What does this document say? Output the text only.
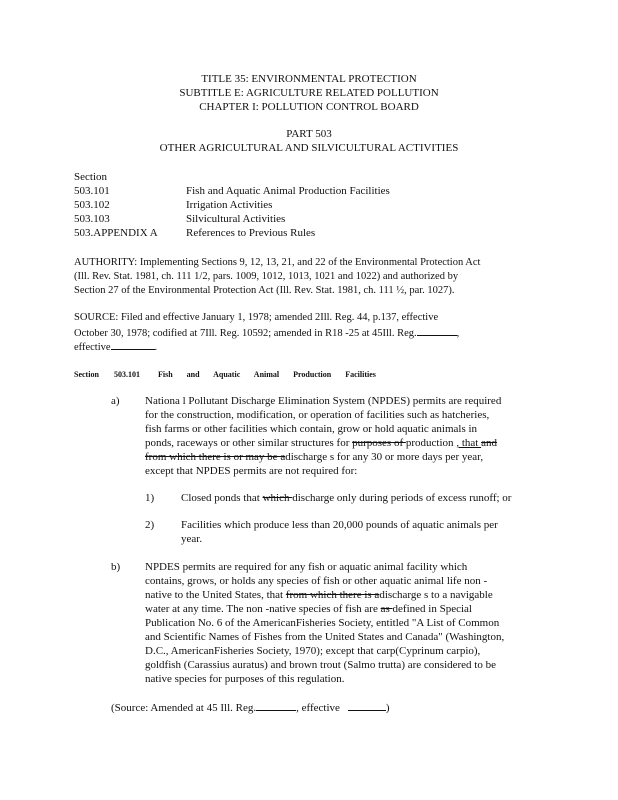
TITLE 35: ENVIRONMENTAL PROTECTION
SUBTITLE E: AGRICULTURE RELATED POLLUTION
CHAPTER I: POLLUTION CONTROL BOARD
PART 503
OTHER AGRICULTURAL AND SILVICULTURAL ACTIVITIES
Section
503.101	Fish and Aquatic Animal Production Facilities
503.102	Irrigation Activities
503.103	Silvicultural Activities
503.APPENDIX A	References to Previous Rules
AUTHORITY: Implementing Sections 9, 12, 13, 21, and 22 of the Environmental Protection Act
(Ill. Rev. Stat. 1981, ch. 111 1/2, pars. 1009, 1012, 1013, 1021 and 1022) and authorized by
Section 27 of the Environmental Protection Act (Ill. Rev. Stat. 1981, ch. 111 ½, par. 1027).
SOURCE: Filed and effective January 1, 1978; amended 2Ill. Reg. 44, p.137, effective
October 30, 1978; codified at 7Ill. Reg. 10592; amended in R18 -25 at 45Ill. Reg.	,
effective	.
Section 503.101 Fish and Aquatic Animal Production Facilities
a) Nationa l Pollutant Discharge Elimination System (NPDES) permits are required
for the construction, modification, or operation of facilities such as hatcheries,
fish farms or other facilities which contain, grow or hold aquatic animals in
ponds, raceways or other similar structures for purposes of production , that and
from which there is or may be adischarge s for any 30 or more days per year,
except that NPDES permits are not required for:
1) Closed ponds that which discharge only during periods of excess runoff; or
2) Facilities which produce less than 20,000 pounds of aquatic animals per
year.
b) NPDES permits are required for any fish or aquatic animal facility which
contains, grows, or holds any species of fish or other aquatic animal life non -
native to the United States, that from which there is adischarge s to a navigable
water at any time. The non -native species of fish are as defined in Special
Publication No. 6 of the AmericanFisheries Society, entitled "A List of Common
and Scientific Names of Fishes from the United States and Canada" (Washington,
D.C., AmericanFisheries Society, 1970); except that carp(Cyprinum carpio),
goldfish (Carassius auratus) and brown trout (Salmo trutta) are considered to be
native species for purposes of this regulation.
(Source: Amended at 45 Ill. Reg.	, effective	)
